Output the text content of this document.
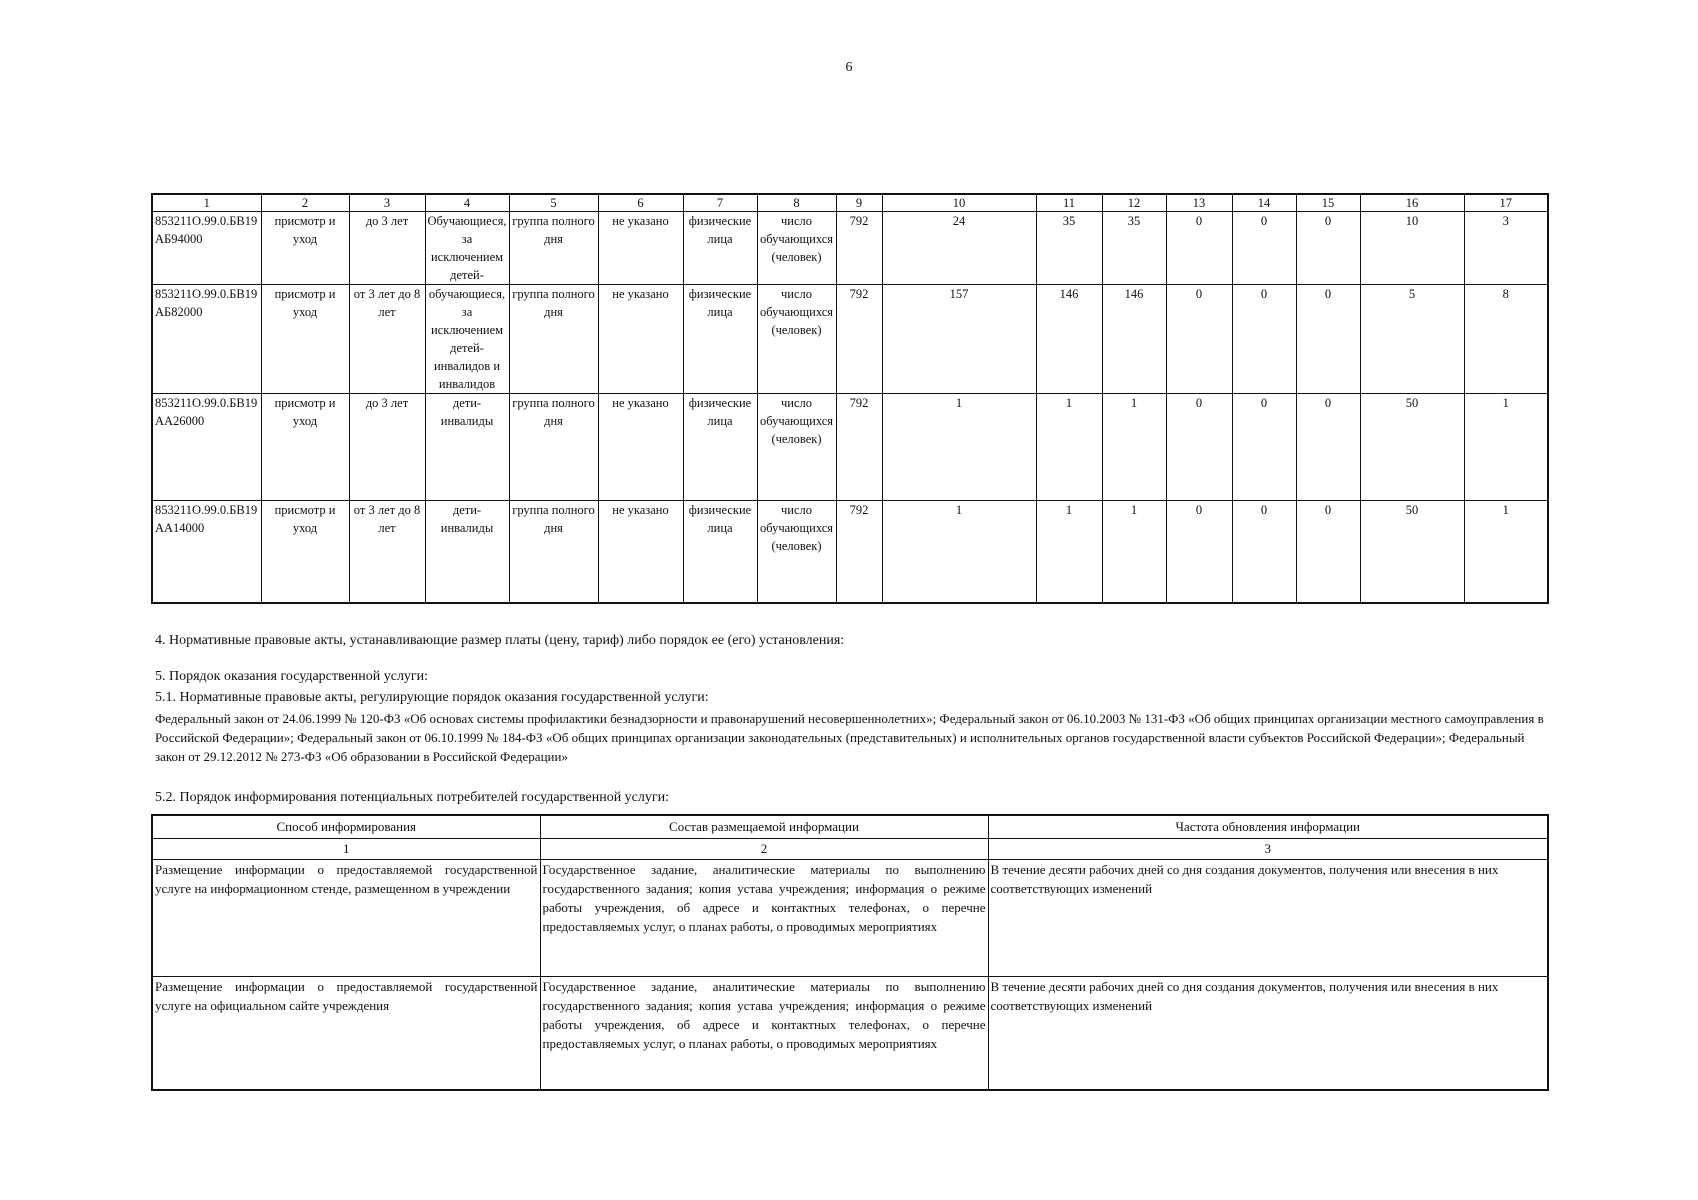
6
1	2	3	4	5	6	7	8	9	10	11	12	13	14	15	16	17
853211О.99.0.БВ19АБ94000	присмотр и уход	до 3 лет	Обучающиеся, за исключением детей-	группа полного дня	не указано	физические лица	число обучающихся (человек)	792	24	35	35	0	0	0	10	3
853211О.99.0.БВ19АБ82000	присмотр и уход	от 3 лет до 8 лет	обучающиеся, за исключением детей-инвалидов и инвалидов	группа полного дня	не указано	физические лица	число обучающихся (человек)	792	157	146	146	0	0	0	5	8
853211О.99.0.БВ19АА26000	присмотр и уход	до 3 лет	дети-инвалиды	группа полного дня	не указано	физические лица	число обучающихся (человек)	792	1	1	1	0	0	0	50	1
853211О.99.0.БВ19АА14000	присмотр и уход	от 3 лет до 8 лет	дети-инвалиды	группа полного дня	не указано	физические лица	число обучающихся (человек)	792	1	1	1	0	0	0	50	1

4. Нормативные правовые акты, устанавливающие размер платы (цену, тариф) либо порядок ее (его) установления:

5. Порядок оказания государственной услуги:

5.1. Нормативные правовые акты, регулирующие порядок оказания государственной услуги:

Федеральный закон от 24.06.1999 № 120-ФЗ «Об основах системы профилактики безнадзорности и правонарушений несовершеннолетних»; Федеральный закон от 06.10.2003 № 131-ФЗ «Об общих принципах организации местного самоуправления в Российской Федерации»; Федеральный закон от 06.10.1999 № 184-ФЗ «Об общих принципах организации законодательных (представительных) и исполнительных органов государственной власти субъектов Российской Федерации»; Федеральный закон от 29.12.2012 № 273-ФЗ «Об образовании в Российской Федерации»

5.2. Порядок информирования потенциальных потребителей государственной услуги:

Способ информирования	Состав размещаемой информации	Частота обновления информации
1	2	3
Размещение информации о предоставляемой государственной услуге на информационном стенде, размещенном в учреждении	Государственное задание, аналитические материалы по выполнению государственного задания; копия устава учреждения; информация о режиме работы учреждения, об адресе и контактных телефонах, о перечне предоставляемых услуг, о планах работы, о проводимых мероприятиях	В течение десяти рабочих дней со дня создания документов, получения или внесения в них соответствующих изменений
Размещение информации о предоставляемой государственной услуге на официальном сайте учреждения	Государственное задание, аналитические материалы по выполнению государственного задания; копия устава учреждения; информация о режиме работы учреждения, об адресе и контактных телефонах, о перечне предоставляемых услуг, о планах работы, о проводимых мероприятиях	В течение десяти рабочих дней со дня создания документов, получения или внесения в них соответствующих изменений
